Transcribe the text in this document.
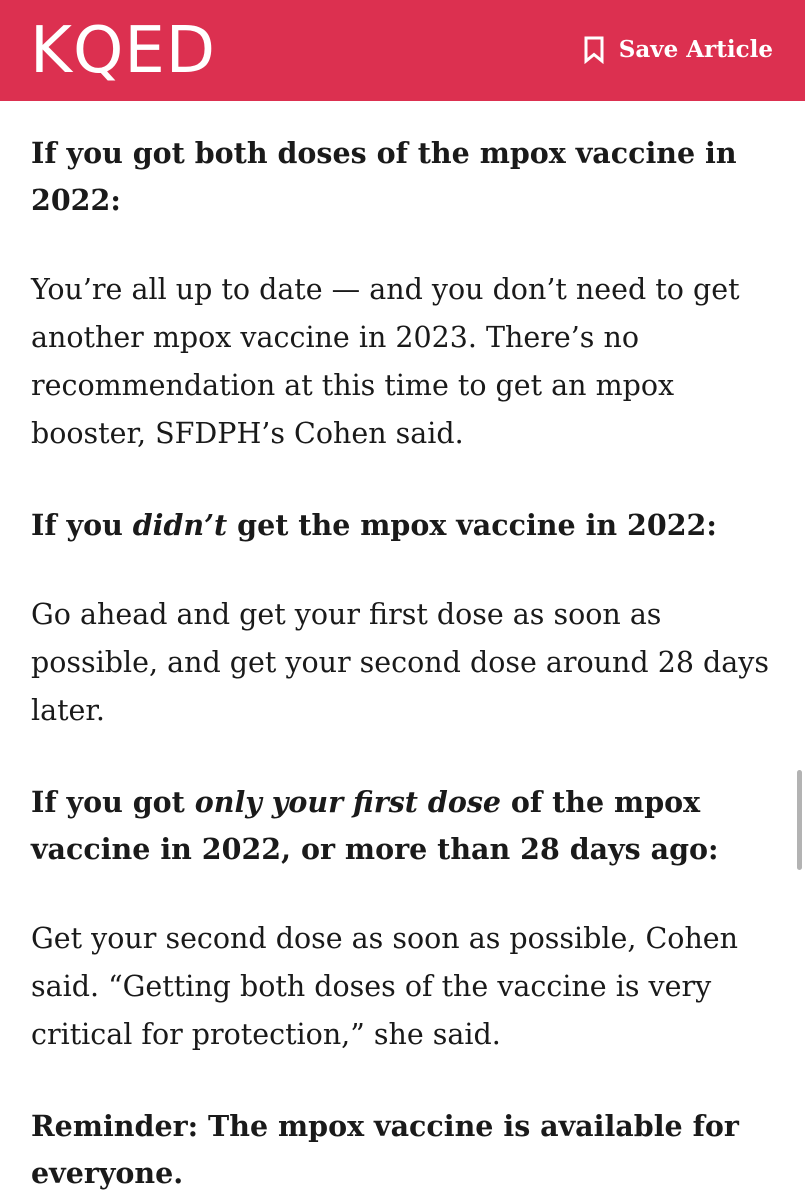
KQED	Save Article
If you got both doses of the mpox vaccine in 2022:

You’re all up to date — and you don’t need to get another mpox vaccine in 2023. There’s no recommendation at this time to get an mpox booster, SFDPH’s Cohen said.

If you didn’t get the mpox vaccine in 2022:

Go ahead and get your first dose as soon as possible, and get your second dose around 28 days later.

If you got only your first dose of the mpox vaccine in 2022, or more than 28 days ago:

Get your second dose as soon as possible, Cohen said. “Getting both doses of the vaccine is very critical for protection,” she said.

Reminder: The mpox vaccine is available for everyone.
